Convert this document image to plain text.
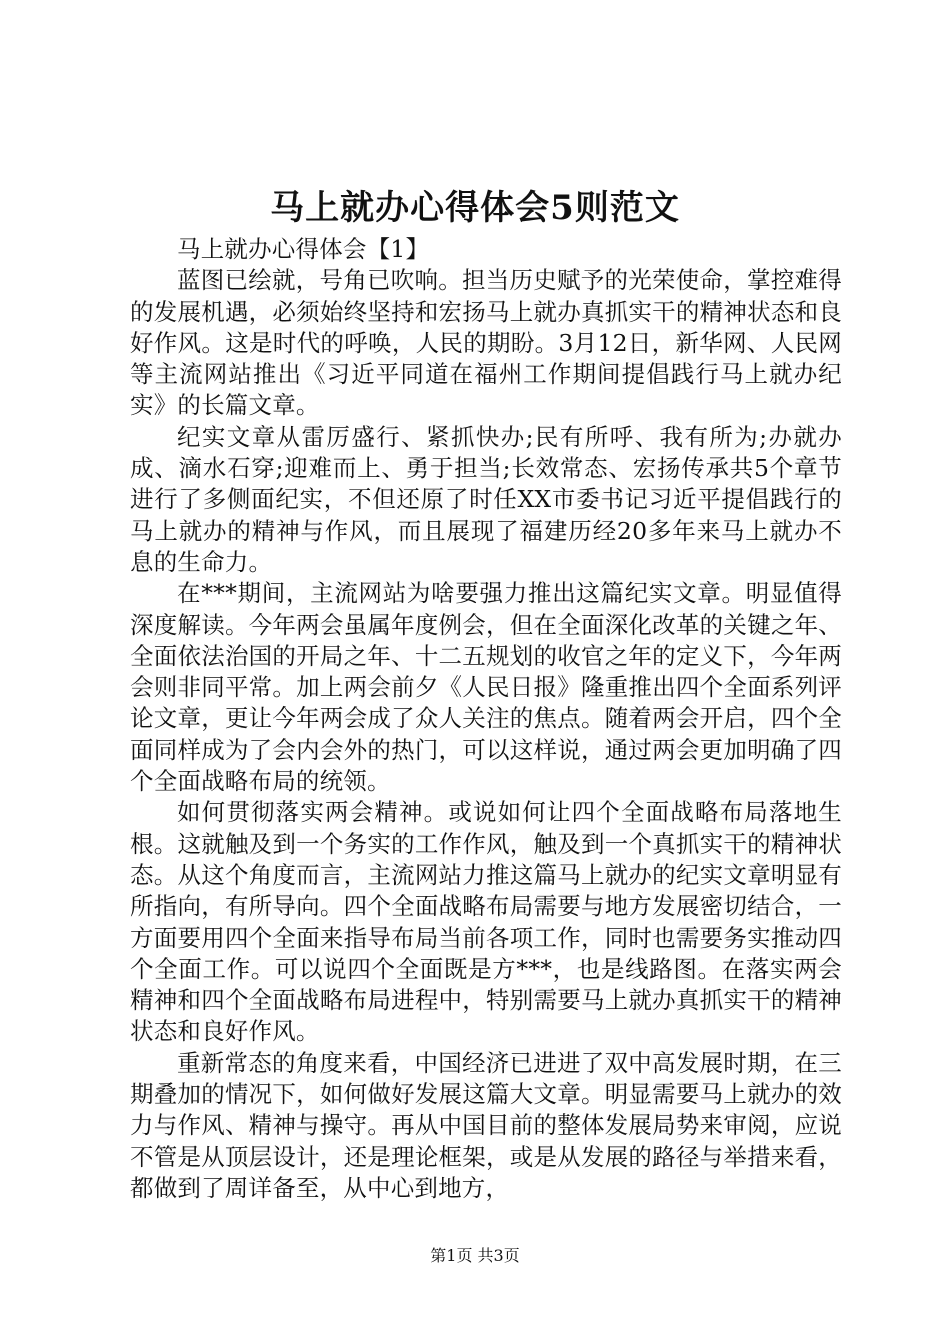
马上就办心得体会5则范文

马上就办心得体会【1】

蓝图已绘就，号角已吹响。担当历史赋予的光荣使命，掌控难得的发展机遇，必须始终坚持和宏扬马上就办真抓实干的精神状态和良好作风。这是时代的呼唤，人民的期盼。3月12日，新华网、人民网等主流网站推出《习近平同道在福州工作期间提倡践行马上就办纪实》的长篇文章。

纪实文章从雷厉盛行、紧抓快办;民有所呼、我有所为;办就办成、滴水石穿;迎难而上、勇于担当;长效常态、宏扬传承共5个章节进行了多侧面纪实，不但还原了时任XX市委书记习近平提倡践行的马上就办的精神与作风，而且展现了福建历经20多年来马上就办不息的生命力。

在***期间，主流网站为啥要强力推出这篇纪实文章。明显值得深度解读。今年两会虽属年度例会，但在全面深化改革的关键之年、全面依法治国的开局之年、十二五规划的收官之年的定义下，今年两会则非同平常。加上两会前夕《人民日报》隆重推出四个全面系列评论文章，更让今年两会成了众人关注的焦点。随着两会开启，四个全面同样成为了会内会外的热门，可以这样说，通过两会更加明确了四个全面战略布局的统领。

如何贯彻落实两会精神。或说如何让四个全面战略布局落地生根。这就触及到一个务实的工作作风，触及到一个真抓实干的精神状态。从这个角度而言，主流网站力推这篇马上就办的纪实文章明显有所指向，有所导向。四个全面战略布局需要与地方发展密切结合，一方面要用四个全面来指导布局当前各项工作，同时也需要务实推动四个全面工作。可以说四个全面既是方***，也是线路图。在落实两会精神和四个全面战略布局进程中，特别需要马上就办真抓实干的精神状态和良好作风。

重新常态的角度来看，中国经济已进进了双中高发展时期，在三期叠加的情况下，如何做好发展这篇大文章。明显需要马上就办的效力与作风、精神与操守。再从中国目前的整体发展局势来审阅，应说不管是从顶层设计，还是理论框架，或是从发展的路径与举措来看，都做到了周详备至，从中心到地方，

第1页 共3页
